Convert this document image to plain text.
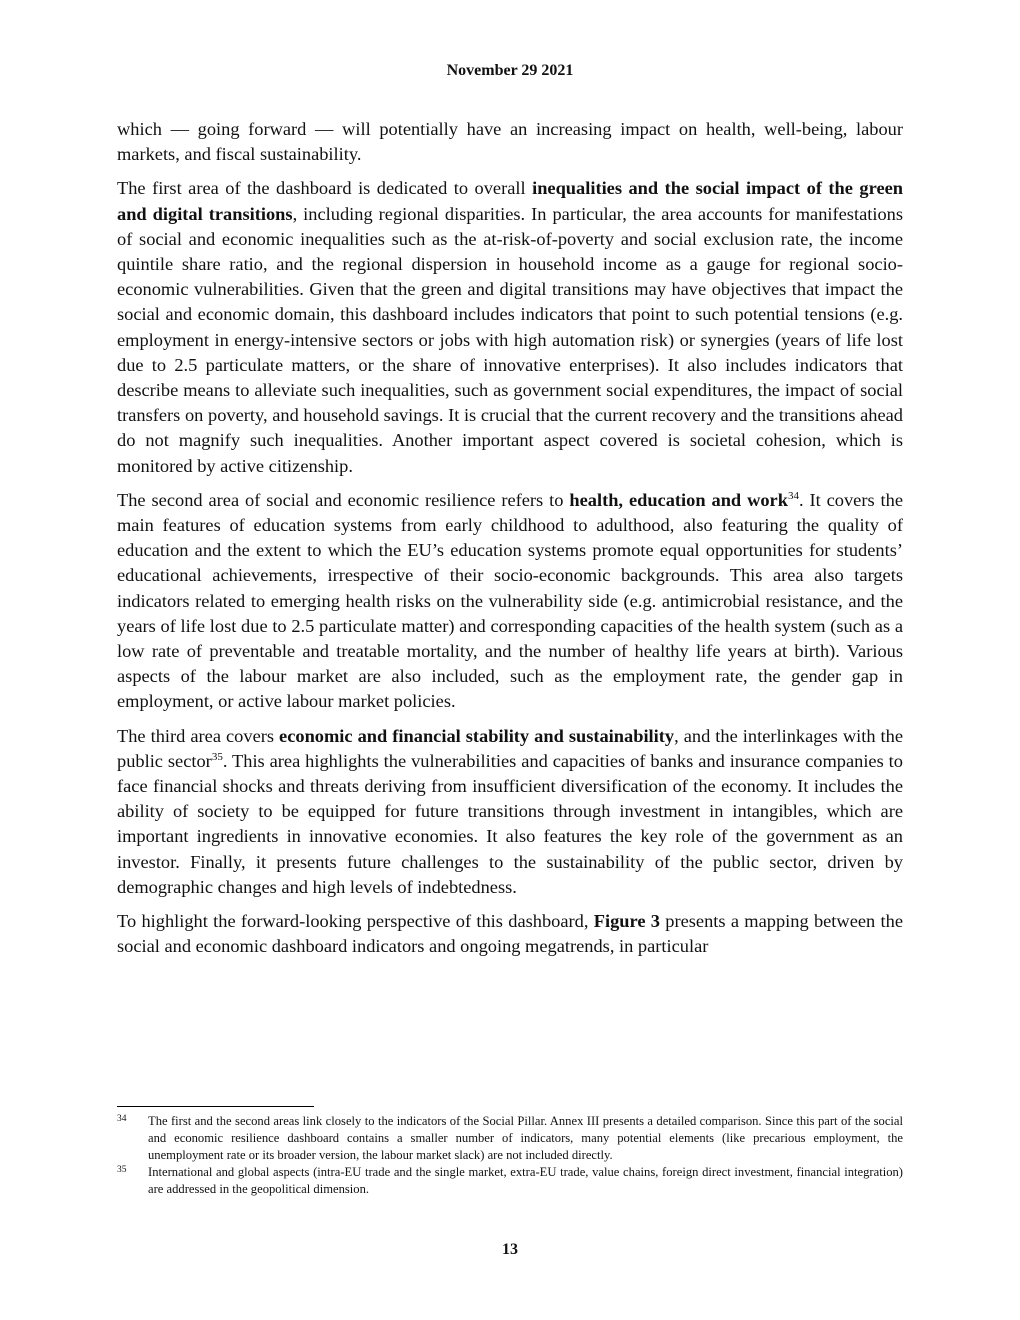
November 29 2021

which — going forward — will potentially have an increasing impact on health, well-being, labour markets, and fiscal sustainability.

The first area of the dashboard is dedicated to overall inequalities and the social impact of the green and digital transitions, including regional disparities. In particular, the area accounts for manifestations of social and economic inequalities such as the at-risk-of-poverty and social exclusion rate, the income quintile share ratio, and the regional dispersion in household income as a gauge for regional socio-economic vulnerabilities. Given that the green and digital transitions may have objectives that impact the social and economic domain, this dashboard includes indicators that point to such potential tensions (e.g. employment in energy-intensive sectors or jobs with high automation risk) or synergies (years of life lost due to 2.5 particulate matters, or the share of innovative enterprises). It also includes indicators that describe means to alleviate such inequalities, such as government social expenditures, the impact of social transfers on poverty, and household savings. It is crucial that the current recovery and the transitions ahead do not magnify such inequalities. Another important aspect covered is societal cohesion, which is monitored by active citizenship.

The second area of social and economic resilience refers to health, education and work$^{34}$. It covers the main features of education systems from early childhood to adulthood, also featuring the quality of education and the extent to which the EU’s education systems promote equal opportunities for students’ educational achievements, irrespective of their socio-economic backgrounds. This area also targets indicators related to emerging health risks on the vulnerability side (e.g. antimicrobial resistance, and the years of life lost due to 2.5 particulate matter) and corresponding capacities of the health system (such as a low rate of preventable and treatable mortality, and the number of healthy life years at birth). Various aspects of the labour market are also included, such as the employment rate, the gender gap in employment, or active labour market policies.

The third area covers economic and financial stability and sustainability, and the interlinkages with the public sector$^{35}$. This area highlights the vulnerabilities and capacities of banks and insurance companies to face financial shocks and threats deriving from insufficient diversification of the economy. It includes the ability of society to be equipped for future transitions through investment in intangibles, which are important ingredients in innovative economies. It also features the key role of the government as an investor. Finally, it presents future challenges to the sustainability of the public sector, driven by demographic changes and high levels of indebtedness.

To highlight the forward-looking perspective of this dashboard, Figure 3 presents a mapping between the social and economic dashboard indicators and ongoing megatrends, in particular

34	The first and the second areas link closely to the indicators of the Social Pillar. Annex III presents a detailed comparison. Since this part of the social and economic resilience dashboard contains a smaller number of indicators, many potential elements (like precarious employment, the unemployment rate or its broader version, the labour market slack) are not included directly.
35	International and global aspects (intra-EU trade and the single market, extra-EU trade, value chains, foreign direct investment, financial integration) are addressed in the geopolitical dimension.
13
